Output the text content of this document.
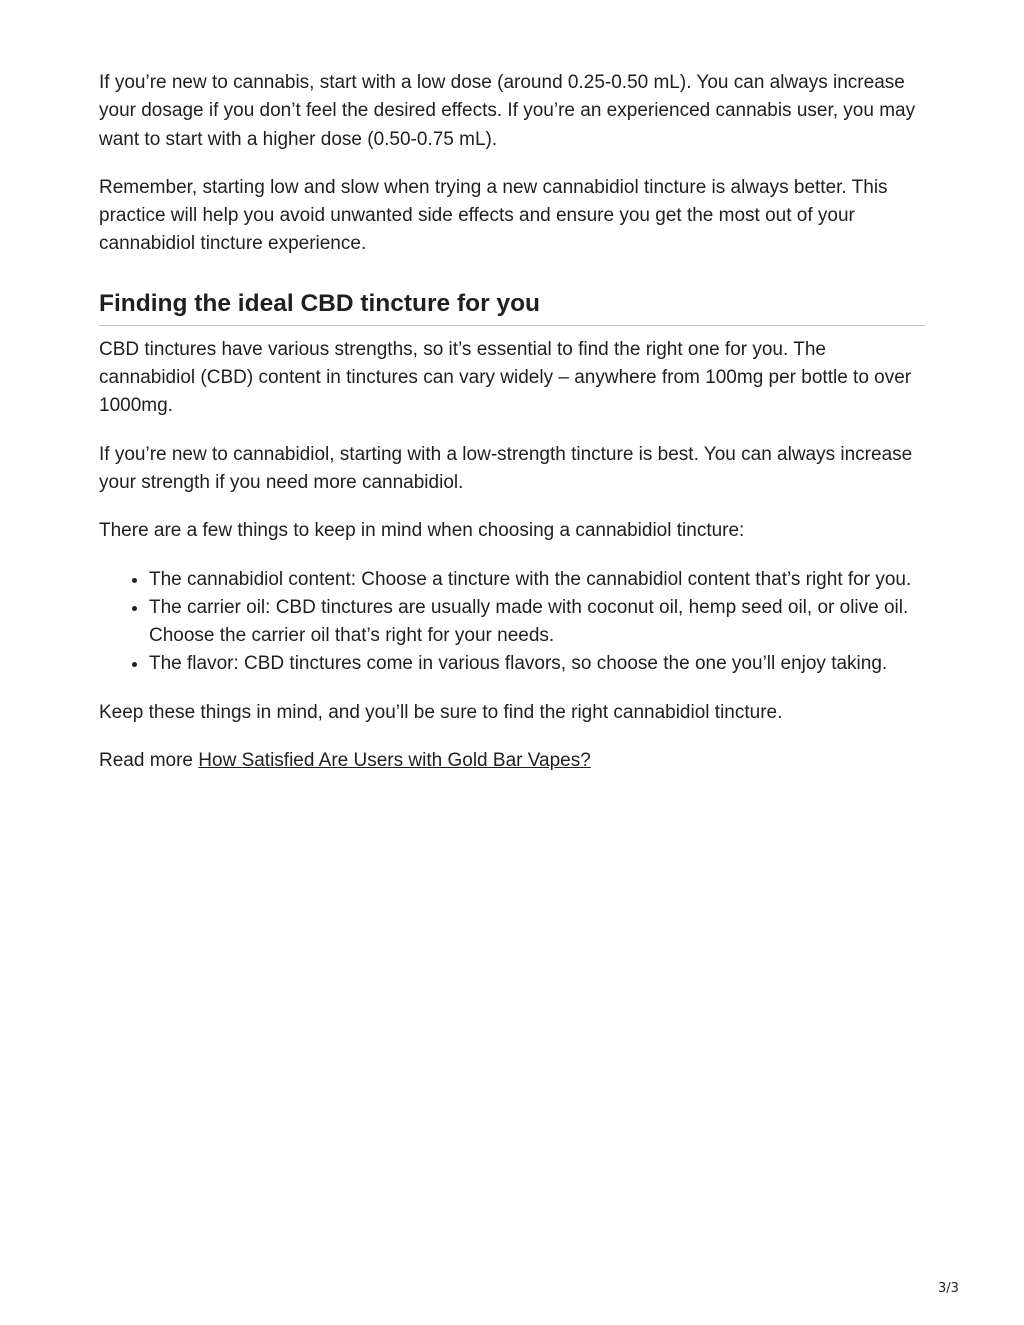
If you’re new to cannabis, start with a low dose (around 0.25-0.50 mL). You can always increase your dosage if you don’t feel the desired effects. If you’re an experienced cannabis user, you may want to start with a higher dose (0.50-0.75 mL).

Remember, starting low and slow when trying a new cannabidiol tincture is always better. This practice will help you avoid unwanted side effects and ensure you get the most out of your cannabidiol tincture experience.

Finding the ideal CBD tincture for you

CBD tinctures have various strengths, so it’s essential to find the right one for you. The cannabidiol (CBD) content in tinctures can vary widely – anywhere from 100mg per bottle to over 1000mg.

If you’re new to cannabidiol, starting with a low-strength tincture is best. You can always increase your strength if you need more cannabidiol.

There are a few things to keep in mind when choosing a cannabidiol tincture:

• The cannabidiol content: Choose a tincture with the cannabidiol content that’s right for you.
• The carrier oil: CBD tinctures are usually made with coconut oil, hemp seed oil, or olive oil. Choose the carrier oil that’s right for your needs.
• The flavor: CBD tinctures come in various flavors, so choose the one you’ll enjoy taking.

Keep these things in mind, and you’ll be sure to find the right cannabidiol tincture.

Read more How Satisfied Are Users with Gold Bar Vapes?

3/3
